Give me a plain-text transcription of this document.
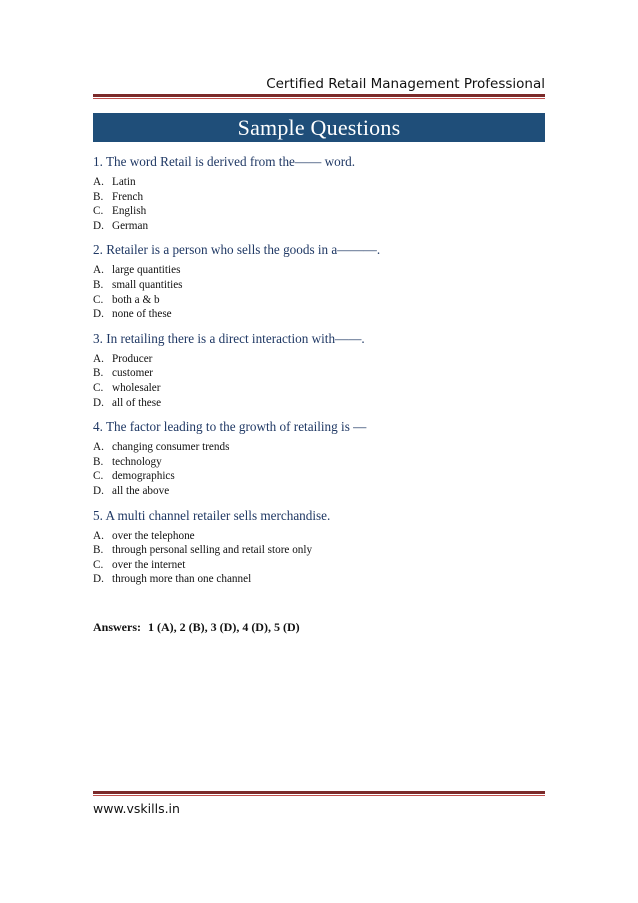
Certified Retail Management Professional
Sample Questions
1. The word Retail is derived from the—— word.
A. Latin
B. French
C. English
D. German
2. Retailer is a person who sells the goods in a———.
A. large quantities
B. small quantities
C. both a & b
D. none of these
3. In retailing there is a direct interaction with——.
A. Producer
B. customer
C. wholesaler
D. all of these
4. The factor leading to the growth of retailing is —
A. changing consumer trends
B. technology
C. demographics
D. all the above
5. A multi channel retailer sells merchandise.
A. over the telephone
B. through personal selling and retail store only
C. over the internet
D. through more than one channel
Answers: 1 (A), 2 (B), 3 (D), 4 (D), 5 (D)
www.vskills.in
